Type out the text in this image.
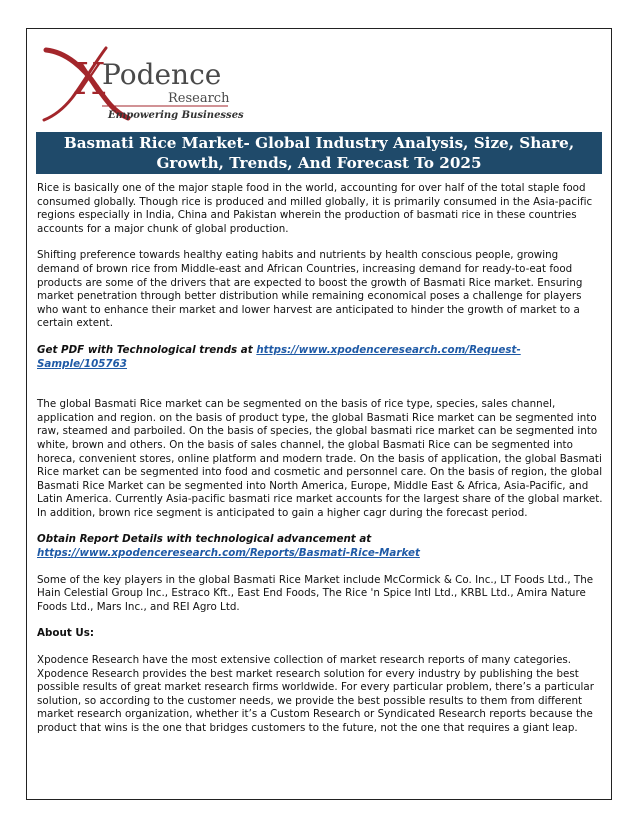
X
Podence
Research
Empowering Businesses
Basmati Rice Market- Global Industry Analysis, Size, Share, Growth, Trends, And Forecast To 2025

Rice is basically one of the major staple food in the world, accounting for over half of the total staple food consumed globally. Though rice is produced and milled globally, it is primarily consumed in the Asia-pacific regions especially in India, China and Pakistan wherein the production of basmati rice in these countries accounts for a major chunk of global production.

Shifting preference towards healthy eating habits and nutrients by health conscious people, growing demand of brown rice from Middle-east and African Countries, increasing demand for ready-to-eat food products are some of the drivers that are expected to boost the growth of Basmati Rice market. Ensuring market penetration through better distribution while remaining economical poses a challenge for players who want to enhance their market and lower harvest are anticipated to hinder the growth of market to a certain extent.

Get PDF with Technological trends at https://www.xpodenceresearch.com/Request-Sample/105763

The global Basmati Rice market can be segmented on the basis of rice type, species, sales channel, application and region. on the basis of product type, the global Basmati Rice market can be segmented into raw, steamed and parboiled. On the basis of species, the global basmati rice market can be segmented into white, brown and others. On the basis of sales channel, the global Basmati Rice can be segmented into horeca, convenient stores, online platform and modern trade. On the basis of application, the global Basmati Rice market can be segmented into food and cosmetic and personnel care. On the basis of region, the global Basmati Rice Market can be segmented into North America, Europe, Middle East & Africa, Asia-Pacific, and Latin America. Currently Asia-pacific basmati rice market accounts for the largest share of the global market. In addition, brown rice segment is anticipated to gain a higher cagr during the forecast period.

Obtain Report Details with technological advancement at
https://www.xpodenceresearch.com/Reports/Basmati-Rice-Market

Some of the key players in the global Basmati Rice Market include McCormick & Co. Inc., LT Foods Ltd., The Hain Celestial Group Inc., Estraco Kft., East End Foods, The Rice 'n Spice Intl Ltd., KRBL Ltd., Amira Nature Foods Ltd., Mars Inc., and REI Agro Ltd.

About Us:

Xpodence Research have the most extensive collection of market research reports of many categories. Xpodence Research provides the best market research solution for every industry by publishing the best possible results of great market research firms worldwide. For every particular problem, there’s a particular solution, so according to the customer needs, we provide the best possible results to them from different market research organization, whether it’s a Custom Research or Syndicated Research reports because the product that wins is the one that bridges customers to the future, not the one that requires a giant leap.
